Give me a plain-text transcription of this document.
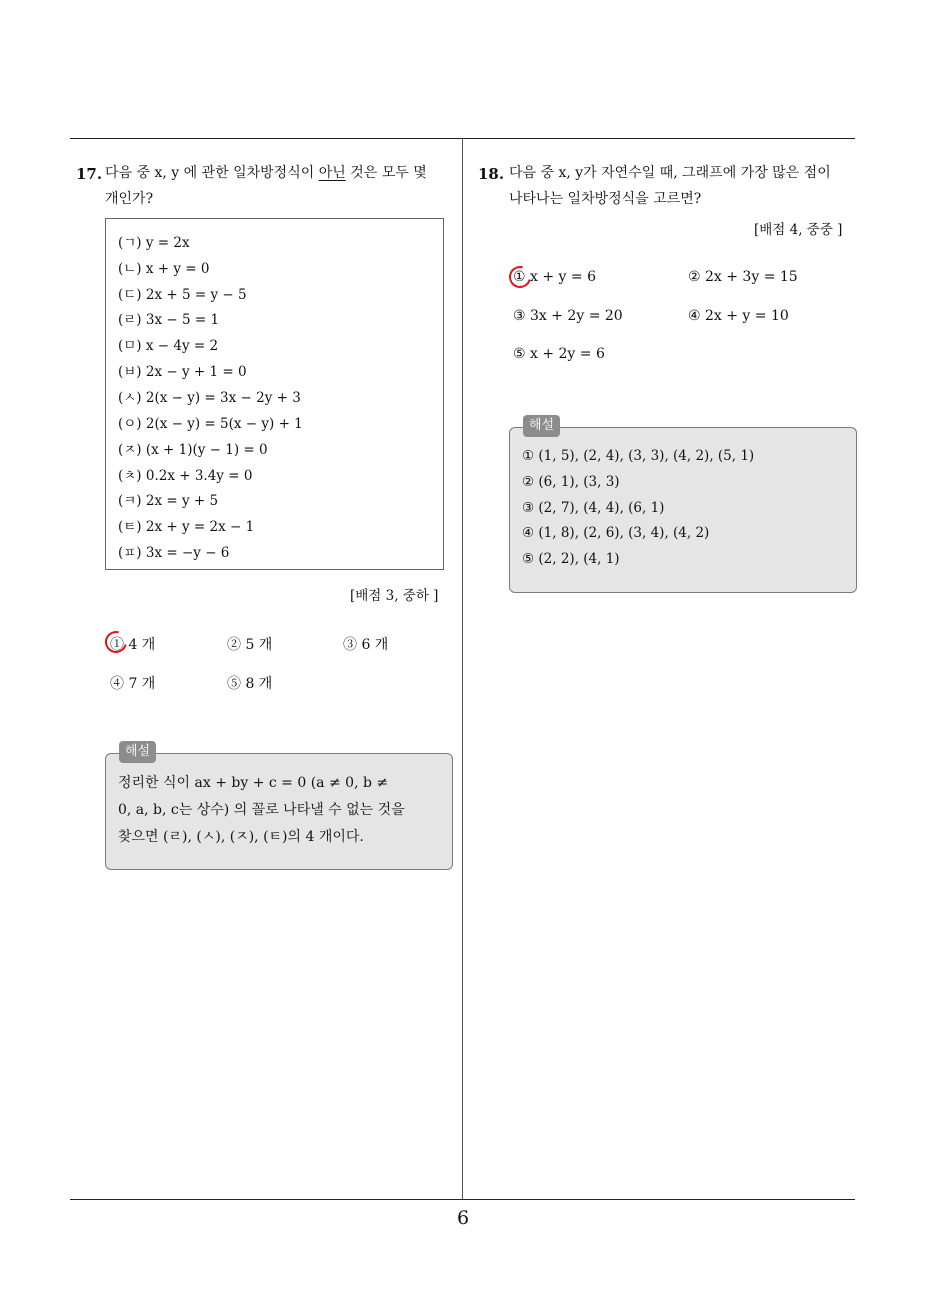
17. 다음 중 x, y 에 관한 일차방정식이 아닌 것은 모두 몇
개인가?
(ㄱ) y = 2x
(ㄴ) x + y = 0
(ㄷ) 2x + 5 = y − 5
(ㄹ) 3x − 5 = 1
(ㅁ) x − 4y = 2
(ㅂ) 2x − y + 1 = 0
(ㅅ) 2(x − y) = 3x − 2y + 3
(ㅇ) 2(x − y) = 5(x − y) + 1
(ㅈ) (x + 1)(y − 1) = 0
(ㅊ) 0.2x + 3.4y = 0
(ㅋ) 2x = y + 5
(ㅌ) 2x + y = 2x − 1
(ㅍ) 3x = −y − 6
[배점 3, 중하 ]
① 4 개	② 5 개	③ 6 개
④ 7 개	⑤ 8 개
정리한 식이 ax + by + c = 0 (a ≠ 0, b ≠
0, a, b, c는 상수) 의 꼴로 나타낼 수 없는 것을
찾으면 (ㄹ), (ㅅ), (ㅈ), (ㅌ)의 4 개이다.
해설
18. 다음 중 x, y가 자연수일 때, 그래프에 가장 많은 점이
나타나는 일차방정식을 고르면?
[배점 4, 중중 ]
① x + y = 6	② 2x + 3y = 15
③ 3x + 2y = 20	④ 2x + y = 10
⑤ x + 2y = 6
① (1, 5), (2, 4), (3, 3), (4, 2), (5, 1)
② (6, 1), (3, 3)
③ (2, 7), (4, 4), (6, 1)
④ (1, 8), (2, 6), (3, 4), (4, 2)
⑤ (2, 2), (4, 1)
해설
6
